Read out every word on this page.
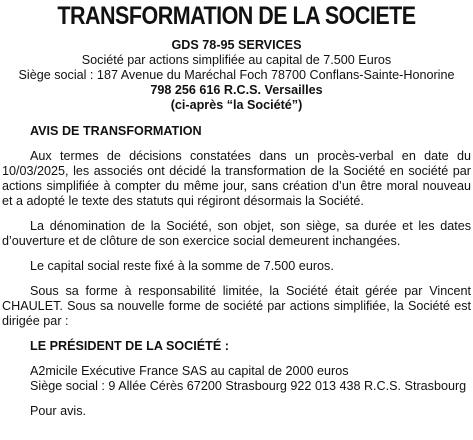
TRANSFORMATION DE LA SOCIETE
GDS 78-95 SERVICES
Société par actions simplifiée au capital de 7.500 Euros
Siège social : 187 Avenue du Maréchal Foch 78700 Conflans-Sainte-Honorine
798 256 616 R.C.S. Versailles
(ci-après “la Société”)
AVIS DE TRANSFORMATION

Aux termes de décisions constatées dans un procès-verbal en date du 10/03/2025, les associés ont décidé la transformation de la Société en société par actions simplifiée à compter du même jour, sans création d’un être moral nouveau et a adopté le texte des statuts qui régiront désormais la Société.

La dénomination de la Société, son objet, son siège, sa durée et les dates d’ouverture et de clôture de son exercice social demeurent inchangées.

Le capital social reste fixé à la somme de 7.500 euros.

Sous sa forme à responsabilité limitée, la Société était gérée par Vincent CHAULET. Sous sa nouvelle forme de société par actions simplifiée, la Société est dirigée par :

LE PRÉSIDENT DE LA SOCIÉTÉ :
A2micile Exécutive France SAS au capital de 2000 euros
Siège social : 9 Allée Cérès 67200 Strasbourg 922 013 438 R.C.S. Strasbourg

Pour avis.
